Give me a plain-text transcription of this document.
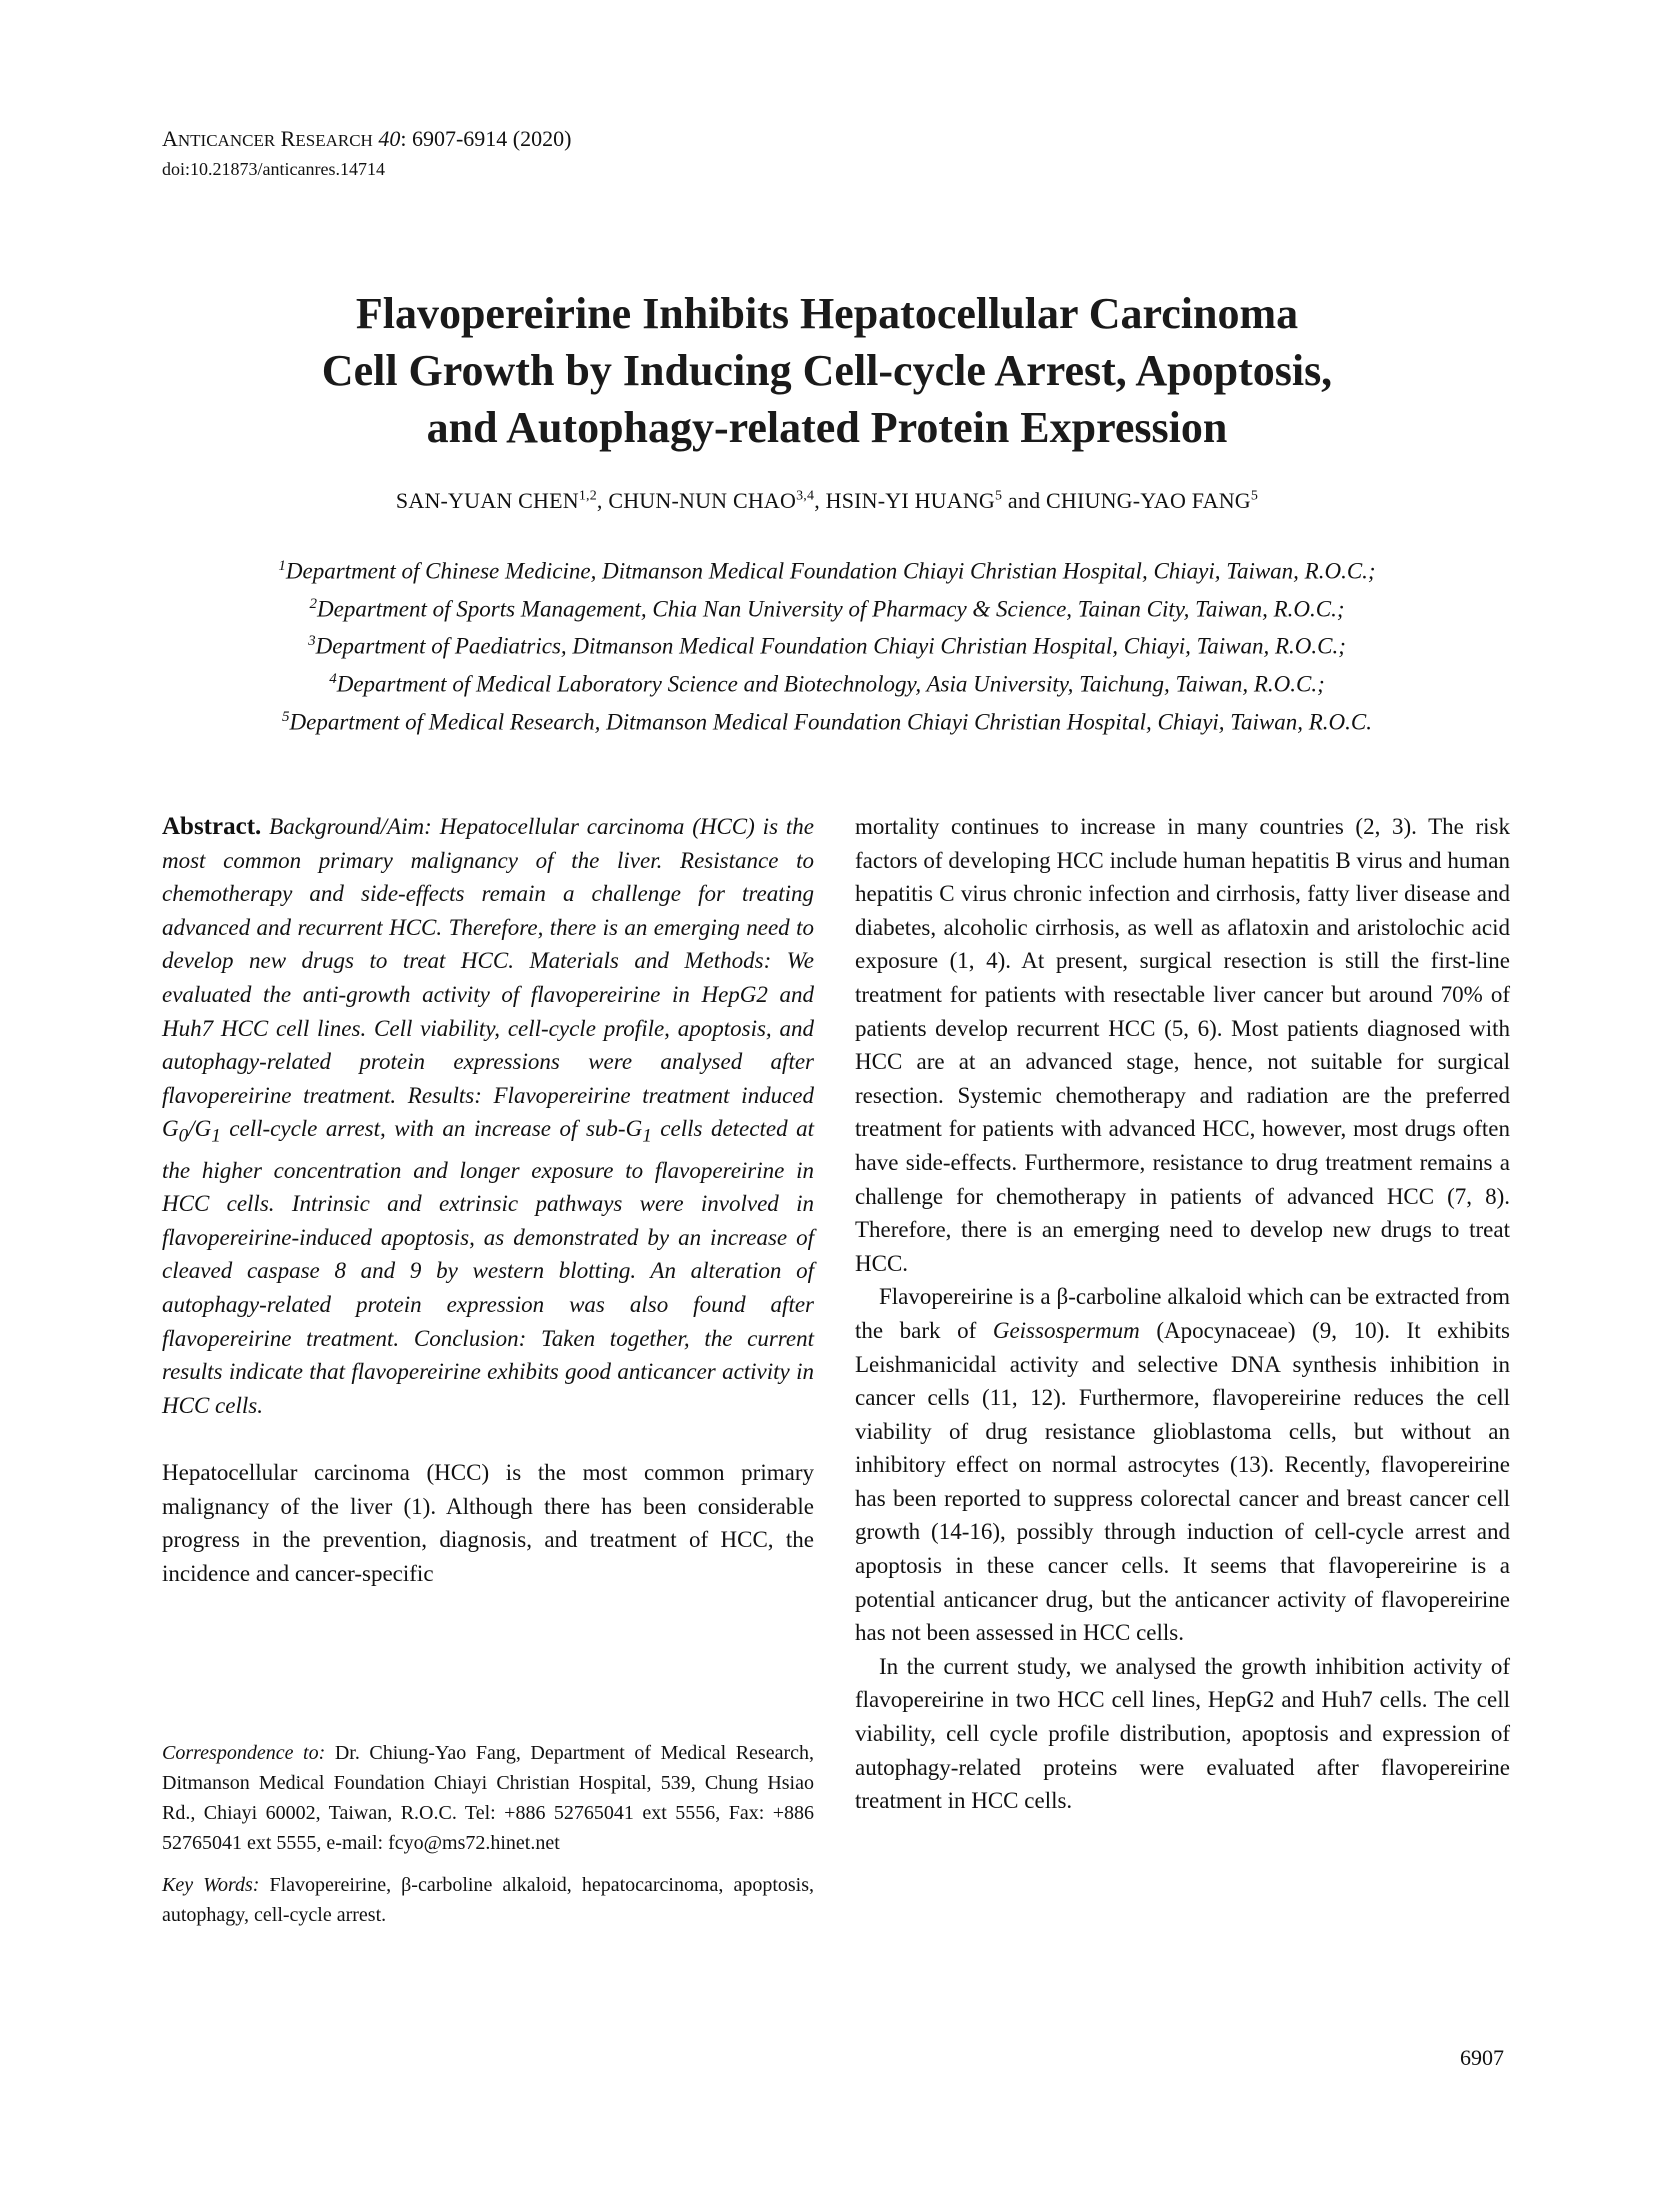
ANTICANCER RESEARCH 40: 6907-6914 (2020)
doi:10.21873/anticanres.14714
Flavopereirine Inhibits Hepatocellular Carcinoma
Cell Growth by Inducing Cell-cycle Arrest, Apoptosis,
and Autophagy-related Protein Expression
SAN-YUAN CHEN$^{1,2}$, CHUN-NUN CHAO$^{3,4}$, HSIN-YI HUANG$^5$ and CHIUNG-YAO FANG$^5$
$^1$Department of Chinese Medicine, Ditmanson Medical Foundation Chiayi Christian Hospital, Chiayi, Taiwan, R.O.C.;
$^2$Department of Sports Management, Chia Nan University of Pharmacy & Science, Tainan City, Taiwan, R.O.C.;
$^3$Department of Paediatrics, Ditmanson Medical Foundation Chiayi Christian Hospital, Chiayi, Taiwan, R.O.C.;
$^4$Department of Medical Laboratory Science and Biotechnology, Asia University, Taichung, Taiwan, R.O.C.;
$^5$Department of Medical Research, Ditmanson Medical Foundation Chiayi Christian Hospital, Chiayi, Taiwan, R.O.C.

Abstract. Background/Aim: Hepatocellular carcinoma (HCC) is the most common primary malignancy of the liver. Resistance to chemotherapy and side-effects remain a challenge for treating advanced and recurrent HCC. Therefore, there is an emerging need to develop new drugs to treat HCC. Materials and Methods: We evaluated the anti-growth activity of flavopereirine in HepG2 and Huh7 HCC cell lines. Cell viability, cell-cycle profile, apoptosis, and autophagy-related protein expressions were analysed after flavopereirine treatment. Results: Flavopereirine treatment induced $G_0/G_1$ cell-cycle arrest, with an increase of sub-$G_1$ cells detected at the higher concentration and longer exposure to flavopereirine in HCC cells. Intrinsic and extrinsic pathways were involved in flavopereirine-induced apoptosis, as demonstrated by an increase of cleaved caspase 8 and 9 by western blotting. An alteration of autophagy-related protein expression was also found after flavopereirine treatment. Conclusion: Taken together, the current results indicate that flavopereirine exhibits good anticancer activity in HCC cells.

Hepatocellular carcinoma (HCC) is the most common primary malignancy of the liver (1). Although there has been considerable progress in the prevention, diagnosis, and treatment of HCC, the incidence and cancer-specific

Correspondence to: Dr. Chiung-Yao Fang, Department of Medical Research, Ditmanson Medical Foundation Chiayi Christian Hospital, 539, Chung Hsiao Rd., Chiayi 60002, Taiwan, R.O.C. Tel: +886 52765041 ext 5556, Fax: +886 52765041 ext 5555, e-mail: fcyo@ms72.hinet.net
Key Words: Flavopereirine, β-carboline alkaloid, hepatocarcinoma, apoptosis, autophagy, cell-cycle arrest.

mortality continues to increase in many countries (2, 3). The risk factors of developing HCC include human hepatitis B virus and human hepatitis C virus chronic infection and cirrhosis, fatty liver disease and diabetes, alcoholic cirrhosis, as well as aflatoxin and aristolochic acid exposure (1, 4). At present, surgical resection is still the first-line treatment for patients with resectable liver cancer but around 70% of patients develop recurrent HCC (5, 6). Most patients diagnosed with HCC are at an advanced stage, hence, not suitable for surgical resection. Systemic chemotherapy and radiation are the preferred treatment for patients with advanced HCC, however, most drugs often have side-effects. Furthermore, resistance to drug treatment remains a challenge for chemotherapy in patients of advanced HCC (7, 8). Therefore, there is an emerging need to develop new drugs to treat HCC.

Flavopereirine is a β-carboline alkaloid which can be extracted from the bark of Geissospermum (Apocynaceae) (9, 10). It exhibits Leishmanicidal activity and selective DNA synthesis inhibition in cancer cells (11, 12). Furthermore, flavopereirine reduces the cell viability of drug resistance glioblastoma cells, but without an inhibitory effect on normal astrocytes (13). Recently, flavopereirine has been reported to suppress colorectal cancer and breast cancer cell growth (14-16), possibly through induction of cell-cycle arrest and apoptosis in these cancer cells. It seems that flavopereirine is a potential anticancer drug, but the anticancer activity of flavopereirine has not been assessed in HCC cells.

In the current study, we analysed the growth inhibition activity of flavopereirine in two HCC cell lines, HepG2 and Huh7 cells. The cell viability, cell cycle profile distribution, apoptosis and expression of autophagy-related proteins were evaluated after flavopereirine treatment in HCC cells.

6907
